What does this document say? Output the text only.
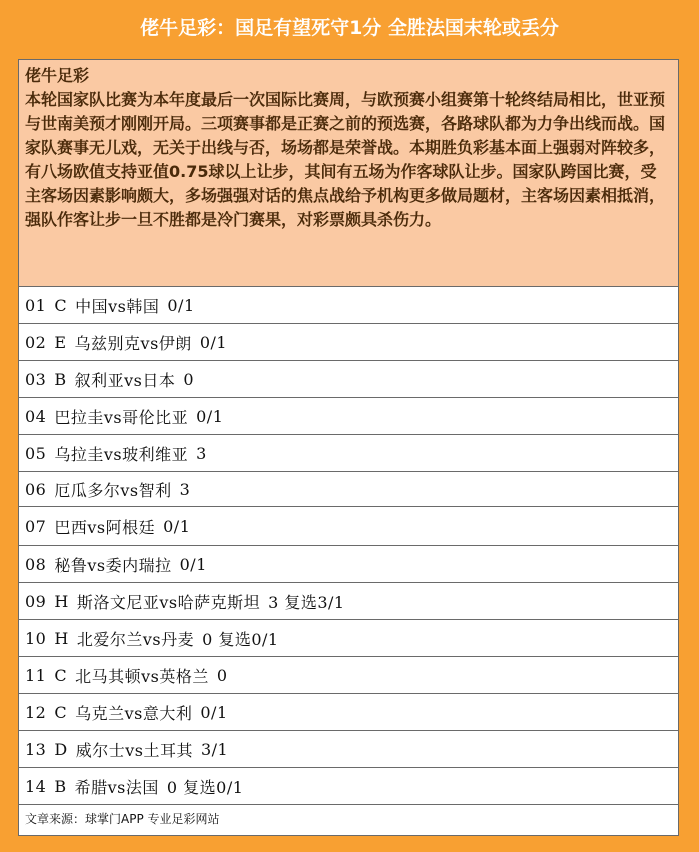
佬牛足彩：国足有望死守1分 全胜法国末轮或丢分
佬牛足彩
本轮国家队比赛为本年度最后一次国际比赛周，与欧预赛小组赛第十轮终结局相比，世亚预与世南美预才刚刚开局。三项赛事都是正赛之前的预选赛，各路球队都为力争出线而战。国家队赛事无儿戏，无关于出线与否，场场都是荣誉战。本期胜负彩基本面上强弱对阵较多，有八场欧值支持亚值0.75球以上让步，其间有五场为作客球队让步。国家队跨国比赛，受主客场因素影响颇大，多场强强对话的焦点战给予机构更多做局题材，主客场因素相抵消，强队作客让步一旦不胜都是冷门赛果，对彩票颇具杀伤力。
01 C 中国vs韩国 0/1
02 E 乌兹别克vs伊朗 0/1
03 B 叙利亚vs日本 0
04 巴拉圭vs哥伦比亚 0/1
05 乌拉圭vs玻利维亚 3
06 厄瓜多尔vs智利 3
07 巴西vs阿根廷 0/1
08 秘鲁vs委内瑞拉 0/1
09 H 斯洛文尼亚vs哈萨克斯坦 3 复选3/1
10 H 北爱尔兰vs丹麦 0 复选0/1
11 C 北马其顿vs英格兰 0
12 C 乌克兰vs意大利 0/1
13 D 威尔士vs土耳其 3/1
14 B 希腊vs法国 0 复选0/1
文章来源：球掌门APP 专业足彩网站
